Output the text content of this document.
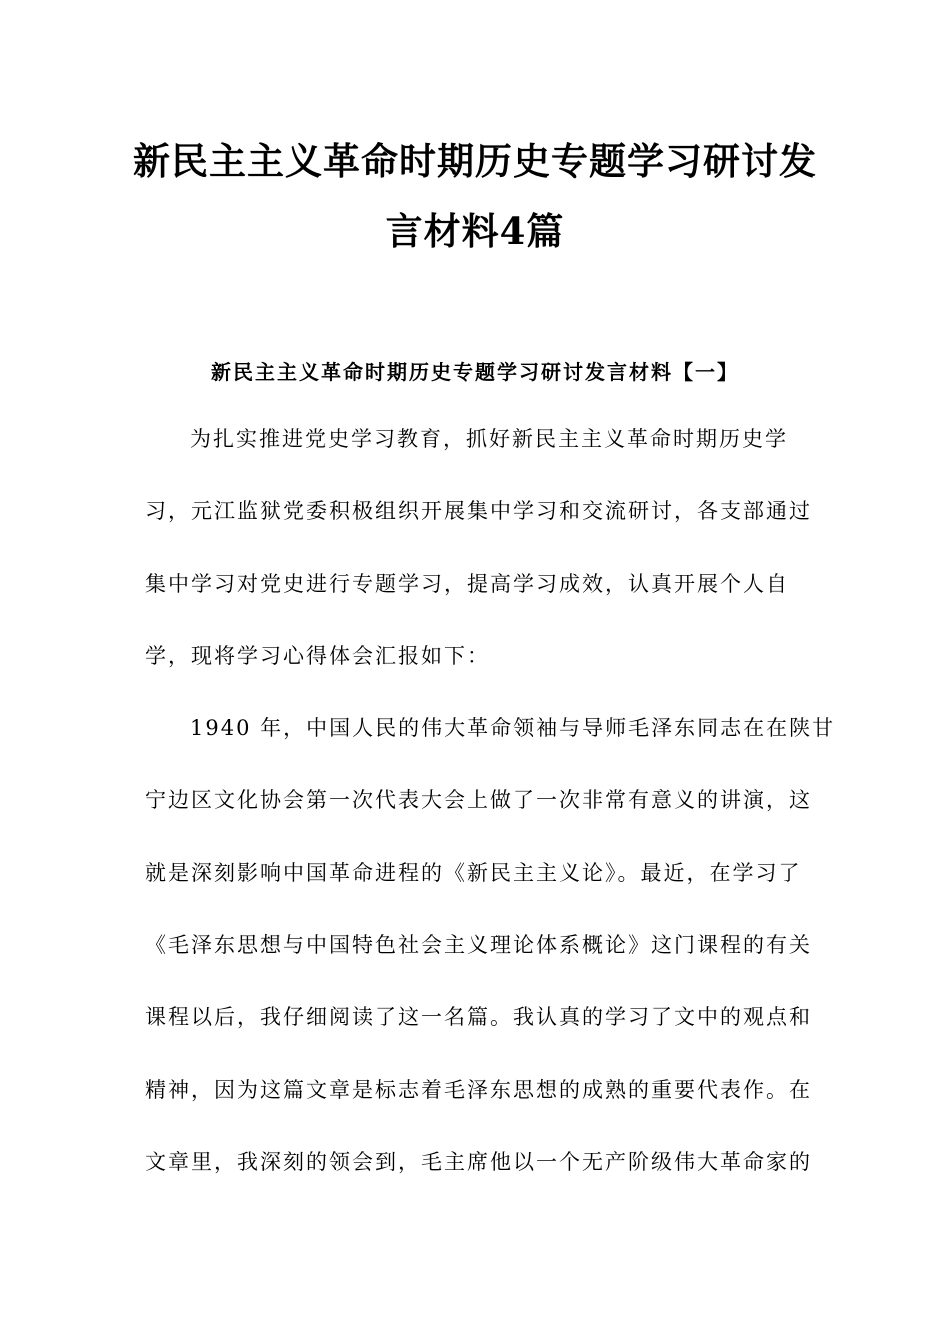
新民主主义革命时期历史专题学习研讨发
言材料4篇
新民主主义革命时期历史专题学习研讨发言材料【一】
为扎实推进党史学习教育，抓好新民主主义革命时期历史学
习，元江监狱党委积极组织开展集中学习和交流研讨，各支部通过
集中学习对党史进行专题学习，提高学习成效，认真开展个人自
学，现将学习心得体会汇报如下：
1940 年，中国人民的伟大革命领袖与导师毛泽东同志在在陕甘
宁边区文化协会第一次代表大会上做了一次非常有意义的讲演，这
就是深刻影响中国革命进程的《新民主主义论》。最近，在学习了
《毛泽东思想与中国特色社会主义理论体系概论》这门课程的有关
课程以后，我仔细阅读了这一名篇。我认真的学习了文中的观点和
精神，因为这篇文章是标志着毛泽东思想的成熟的重要代表作。在
文章里，我深刻的领会到，毛主席他以一个无产阶级伟大革命家的
